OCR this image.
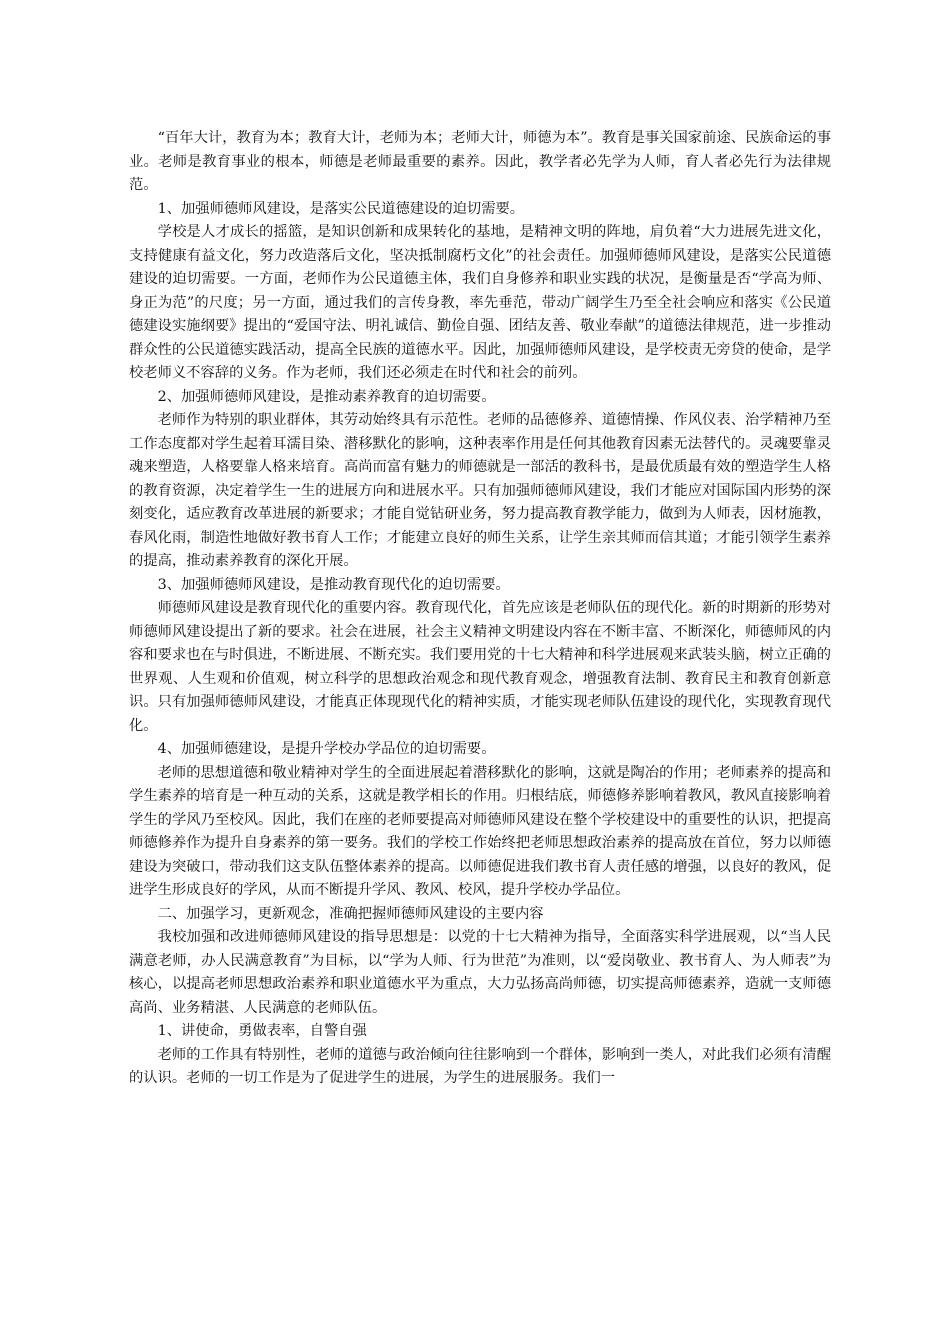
“百年大计，教育为本；教育大计，老师为本；老师大计，师德为本”。教育是事关国家前途、民族命运的事业。老师是教育事业的根本，师德是老师最重要的素养。因此，教学者必先学为人师，育人者必先行为法律规范。

1、加强师德师风建设，是落实公民道德建设的迫切需要。

学校是人才成长的摇篮，是知识创新和成果转化的基地，是精神文明的阵地，肩负着“大力进展先进文化，支持健康有益文化，努力改造落后文化，坚决抵制腐朽文化”的社会责任。加强师德师风建设，是落实公民道德建设的迫切需要。一方面，老师作为公民道德主体，我们自身修养和职业实践的状况，是衡量是否“学高为师、身正为范”的尺度；另一方面，通过我们的言传身教，率先垂范，带动广阔学生乃至全社会响应和落实《公民道德建设实施纲要》提出的“爱国守法、明礼诚信、勤俭自强、团结友善、敬业奉献”的道德法律规范，进一步推动群众性的公民道德实践活动，提高全民族的道德水平。因此，加强师德师风建设，是学校责无旁贷的使命，是学校老师义不容辞的义务。作为老师，我们还必须走在时代和社会的前列。

2、加强师德师风建设，是推动素养教育的迫切需要。

老师作为特别的职业群体，其劳动始终具有示范性。老师的品德修养、道德情操、作风仪表、治学精神乃至工作态度都对学生起着耳濡目染、潜移默化的影响，这种表率作用是任何其他教育因素无法替代的。灵魂要靠灵魂来塑造，人格要靠人格来培育。高尚而富有魅力的师德就是一部活的教科书，是最优质最有效的塑造学生人格的教育资源，决定着学生一生的进展方向和进展水平。只有加强师德师风建设，我们才能应对国际国内形势的深刻变化，适应教育改革进展的新要求；才能自觉钻研业务，努力提高教育教学能力，做到为人师表，因材施教，春风化雨，制造性地做好教书育人工作；才能建立良好的师生关系，让学生亲其师而信其道；才能引领学生素养的提高，推动素养教育的深化开展。

3、加强师德师风建设，是推动教育现代化的迫切需要。

师德师风建设是教育现代化的重要内容。教育现代化，首先应该是老师队伍的现代化。新的时期新的形势对师德师风建设提出了新的要求。社会在进展，社会主义精神文明建设内容在不断丰富、不断深化，师德师风的内容和要求也在与时俱进，不断进展、不断充实。我们要用党的十七大精神和科学进展观来武装头脑，树立正确的世界观、人生观和价值观，树立科学的思想政治观念和现代教育观念，增强教育法制、教育民主和教育创新意识。只有加强师德师风建设，才能真正体现现代化的精神实质，才能实现老师队伍建设的现代化，实现教育现代化。

4、加强师德建设，是提升学校办学品位的迫切需要。

老师的思想道德和敬业精神对学生的全面进展起着潜移默化的影响，这就是陶冶的作用；老师素养的提高和学生素养的培育是一种互动的关系，这就是教学相长的作用。归根结底，师德修养影响着教风，教风直接影响着学生的学风乃至校风。因此，我们在座的老师要提高对师德师风建设在整个学校建设中的重要性的认识，把提高师德修养作为提升自身素养的第一要务。我们的学校工作始终把老师思想政治素养的提高放在首位，努力以师德建设为突破口，带动我们这支队伍整体素养的提高。以师德促进我们教书育人责任感的增强，以良好的教风，促进学生形成良好的学风，从而不断提升学风、教风、校风，提升学校办学品位。

二、加强学习，更新观念，准确把握师德师风建设的主要内容

我校加强和改进师德师风建设的指导思想是：以党的十七大精神为指导，全面落实科学进展观，以“当人民满意老师，办人民满意教育”为目标，以“学为人师、行为世范”为准则，以“爱岗敬业、教书育人、为人师表”为核心，以提高老师思想政治素养和职业道德水平为重点，大力弘扬高尚师德，切实提高师德素养，造就一支师德高尚、业务精湛、人民满意的老师队伍。

1、讲使命，勇做表率，自警自强

老师的工作具有特别性，老师的道德与政治倾向往往影响到一个群体，影响到一类人，对此我们必须有清醒的认识。老师的一切工作是为了促进学生的进展，为学生的进展服务。我们一
